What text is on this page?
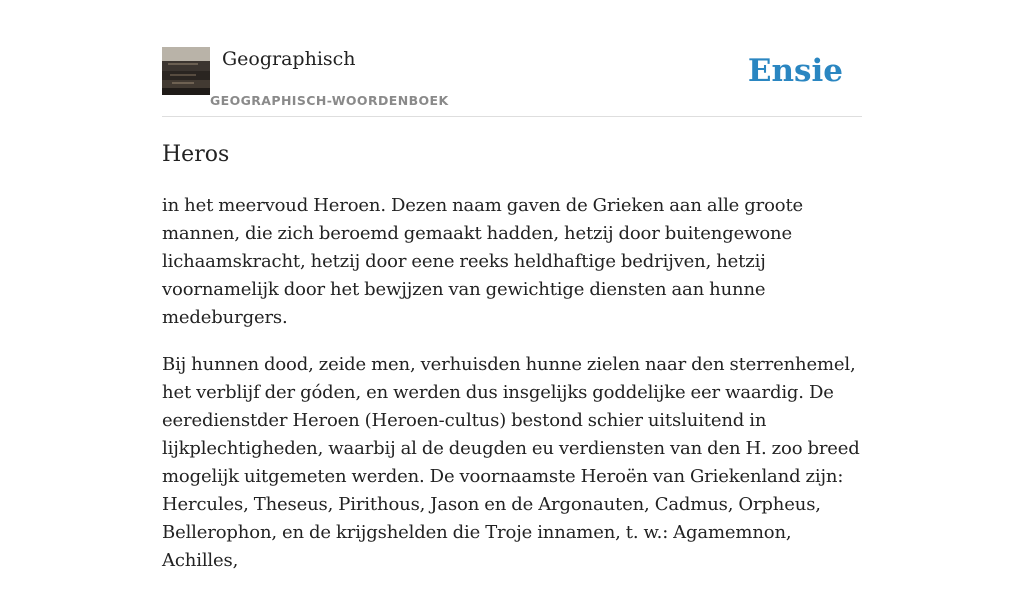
Geographisch
GEOGRAPHISCH-WOORDENBOEK
Ensie
Heros

in het meervoud Heroen. Dezen naam gaven de Grieken aan alle groote mannen, die zich beroemd gemaakt hadden, hetzij door buitengewone lichaamskracht, hetzij door eene reeks heldhaftige bedrijven, hetzij voornamelijk door het bewjjzen van gewichtige diensten aan hunne medeburgers.

Bij hunnen dood, zeide men, verhuisden hunne zielen naar den sterrenhemel, het verblijf der góden, en werden dus insgelijks goddelijke eer waardig. De eeredienstder Heroen (Heroen-cultus) bestond schier uitsluitend in lijkplechtigheden, waarbij al de deugden eu verdiensten van den H. zoo breed mogelijk uitgemeten werden. De voornaamste Heroën van Griekenland zijn: Hercules, Theseus, Pirithous, Jason en de Argonauten, Cadmus, Orpheus, Bellerophon, en de krijgshelden die Troje innamen, t. w.: Agamemnon, Achilles,
